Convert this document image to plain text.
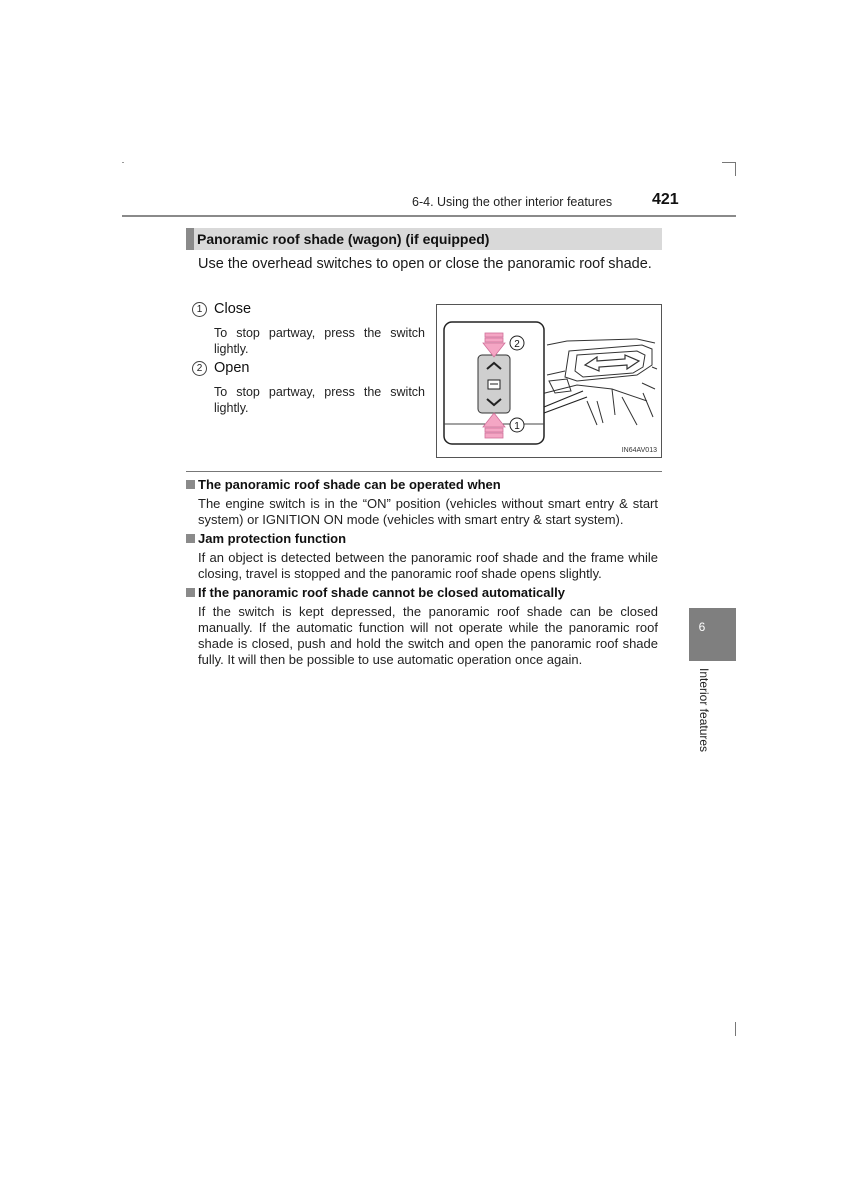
6-4. Using the other interior features 421
Panoramic roof shade (wagon) (if equipped)
Use the overhead switches to open or close the panoramic roof shade.
1 Close
To stop partway, press the switch lightly.
2 Open
To stop partway, press the switch lightly.
2
1
IN64AV013
The panoramic roof shade can be operated when
The engine switch is in the “ON” position (vehicles without smart entry & start system) or IGNITION ON mode (vehicles with smart entry & start system).
Jam protection function
If an object is detected between the panoramic roof shade and the frame while closing, travel is stopped and the panoramic roof shade opens slightly.
If the panoramic roof shade cannot be closed automatically
If the switch is kept depressed, the panoramic roof shade can be closed manually. If the automatic function will not operate while the panoramic roof shade is closed, push and hold the switch and open the panoramic roof shade fully. It will then be possible to use automatic operation once again.
6
Interior features
